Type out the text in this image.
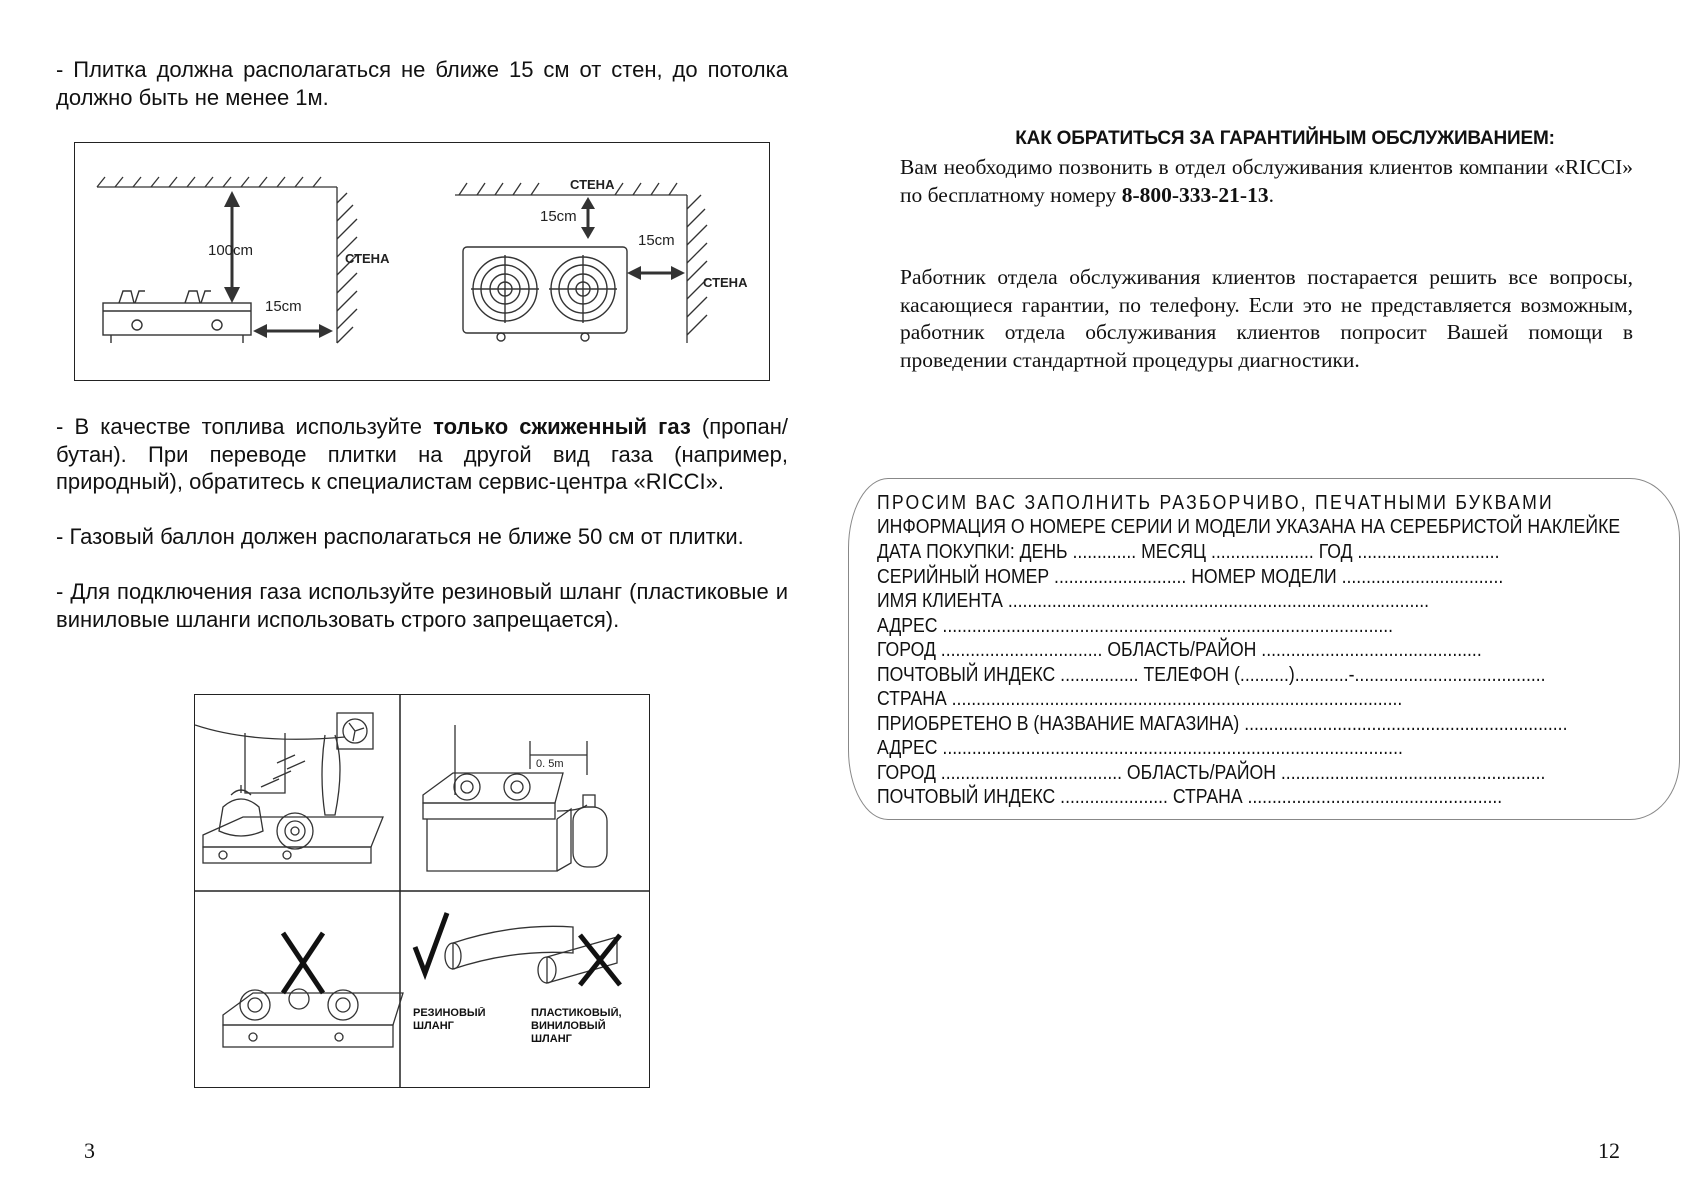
- Плитка должна располагаться не ближе 15 см от стен, до потолка должно быть не менее 1м.
100cm
15cm
СТЕНА
СТЕНА
15cm
15cm
СТЕНА
- В качестве топлива используйте только сжиженный газ (пропан/бутан). При переводе плитки на другой вид газа (например, природный), обратитесь к специалистам сервис-центра «RICCI».
- Газовый баллон должен располагаться не ближе 50 см от плитки.
- Для подключения газа используйте резиновый шланг (пластиковые и виниловые шланги использовать строго запрещается).
0. 5m
РЕЗИНОВЫЙ ШЛАНГ
ПЛАСТИКОВЫЙ, ВИНИЛОВЫЙ ШЛАНГ
3
КАК ОБРАТИТЬСЯ ЗА ГАРАНТИЙНЫМ ОБСЛУЖИВАНИЕМ:
Вам необходимо позвонить в отдел обслуживания клиентов компании «RICCI» по бесплатному номеру 8-800-333-21-13.
Работник отдела обслуживания клиентов постарается решить все вопросы, касающиеся гарантии, по телефону. Если это не представляется возможным, работник отдела обслуживания клиентов попросит Вашей помощи в проведении стандартной процедуры диагностики.
ПРОСИМ ВАС ЗАПОЛНИТЬ РАЗБОРЧИВО, ПЕЧАТНЫМИ БУКВАМИ
ИНФОРМАЦИЯ О НОМЕРЕ СЕРИИ И МОДЕЛИ УКАЗАНА НА СЕРЕБРИСТОЙ НАКЛЕЙКЕ
ДАТА ПОКУПКИ: ДЕНЬ ............. МЕСЯЦ ..................... ГОД .............................
СЕРИЙНЫЙ НОМЕР ........................... НОМЕР МОДЕЛИ .................................
ИМЯ КЛИЕНТА ......................................................................................
АДРЕС ............................................................................................
ГОРОД ................................. ОБЛАСТЬ/РАЙОН .............................................
ПОЧТОВЫЙ ИНДЕКС ................ ТЕЛЕФОН (..........)...........-.......................................
СТРАНА ............................................................................................
ПРИОБРЕТЕНО В (НАЗВАНИЕ МАГАЗИНА) ..................................................................
АДРЕС ..............................................................................................
ГОРОД ..................................... ОБЛАСТЬ/РАЙОН ......................................................
ПОЧТОВЫЙ ИНДЕКС ...................... СТРАНА ....................................................
12
